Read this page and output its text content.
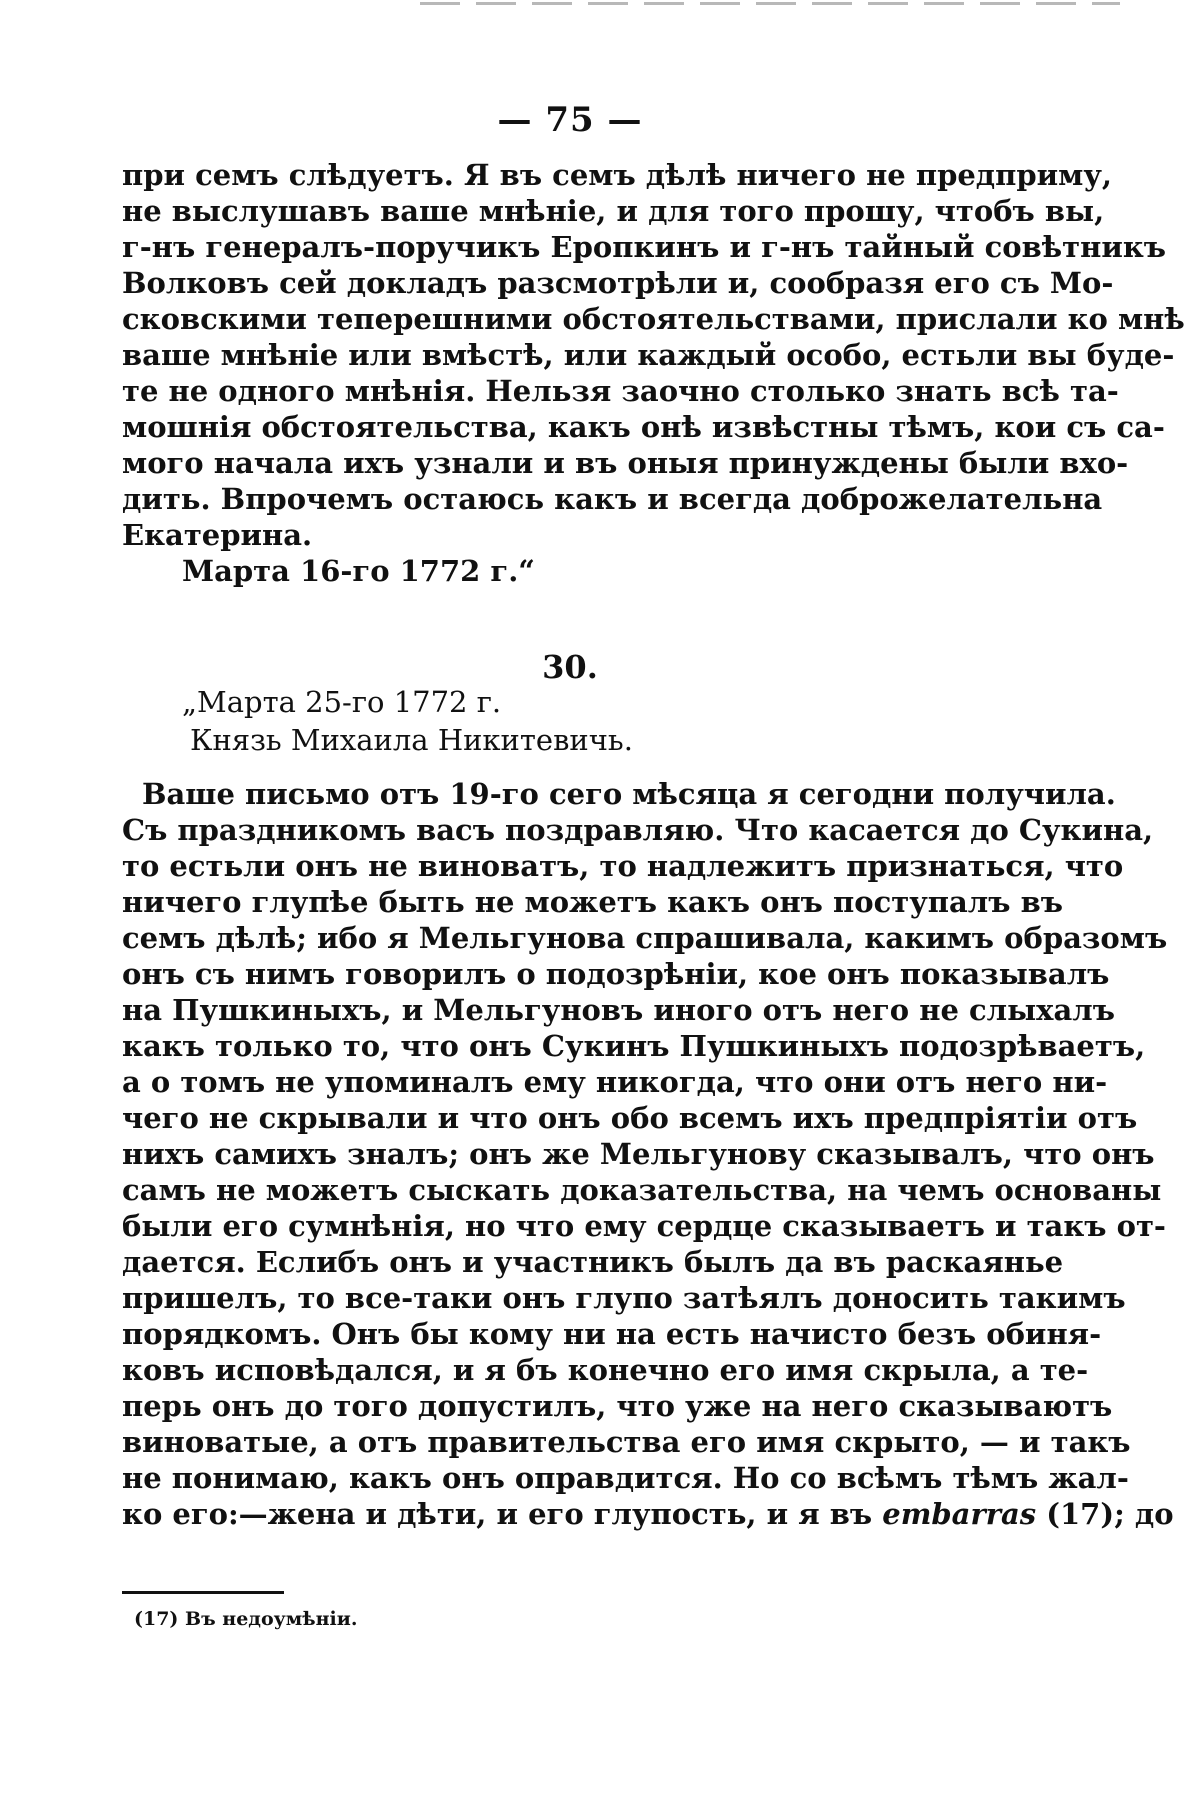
— 75 —
при семъ слѣдуетъ. Я въ семъ дѣлѣ ничего не предприму,
не выслушавъ ваше мнѣніе, и для того прошу, чтобъ вы,
г-нъ генералъ-поручикъ Еропкинъ и г-нъ тайный совѣтникъ
Волковъ сей докладъ разсмотрѣли и, сообразя его съ Мо-
сковскими теперешними обстоятельствами, прислали ко мнѣ
ваше мнѣніе или вмѣстѣ, или каждый особо, естьли вы буде-
те не одного мнѣнія. Нельзя заочно столько знать всѣ та-
мошнія обстоятельства, какъ онѣ извѣстны тѣмъ, кои съ са-
мого начала ихъ узнали и въ оныя принуждены были вхо-
дить. Впрочемъ остаюсь какъ и всегда доброжелательна
Екатерина.
Марта 16-го 1772 г.“
30.
„Марта 25-го 1772 г.
Князь Михаила Никитевичь.
Ваше письмо отъ 19-го сего мѣсяца я сегодни получила.
Съ праздникомъ васъ поздравляю. Что касается до Сукина,
то естьли онъ не виноватъ, то надлежитъ признаться, что
ничего глупѣе быть не можетъ какъ онъ поступалъ въ
семъ дѣлѣ; ибо я Мельгунова спрашивала, какимъ образомъ
онъ съ нимъ говорилъ о подозрѣніи, кое онъ показывалъ
на Пушкиныхъ, и Мельгуновъ иного отъ него не слыхалъ
какъ только то, что онъ Сукинъ Пушкиныхъ подозрѣваетъ,
а о томъ не упоминалъ ему никогда, что они отъ него ни-
чего не скрывали и что онъ обо всемъ ихъ предпріятіи отъ
нихъ самихъ зналъ; онъ же Мельгунову сказывалъ, что онъ
самъ не можетъ сыскать доказательства, на чемъ основаны
были его сумнѣнія, но что ему сердце сказываетъ и такъ от-
дается. Еслибъ онъ и участникъ былъ да въ раскаянье
пришелъ, то все-таки онъ глупо затѣялъ доносить такимъ
порядкомъ. Онъ бы кому ни на есть начисто безъ обиня-
ковъ исповѣдался, и я бъ конечно его имя скрыла, а те-
перь онъ до того допустилъ, что уже на него сказываютъ
виноватые, а отъ правительства его имя скрыто, — и такъ
не понимаю, какъ онъ оправдится. Но со всѣмъ тѣмъ жал-
ко его:—жена и дѣти, и его глупость, и я въ embarras (17); до
(17) Въ недоумѣніи.
